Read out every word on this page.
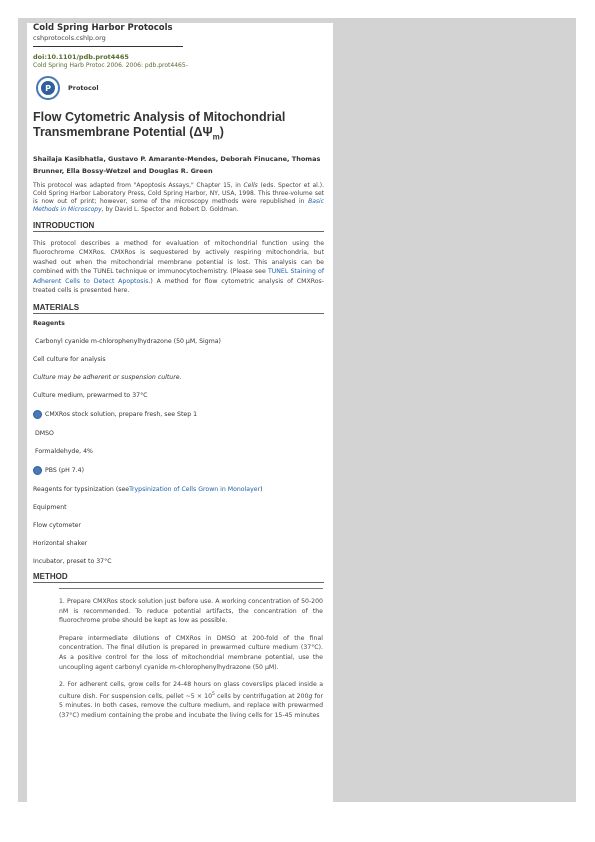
Cold Spring Harbor Protocols
cshprotocols.cshlp.org
doi:10.1101/pdb.prot4465
Cold Spring Harb Protoc 2006. 2006: pdb.prot4465-
P	Protocol
Flow Cytometric Analysis of Mitochondrial Transmembrane Potential $(\Delta\Psi_m)$
Shailaja Kasibhatla, Gustavo P. Amarante-Mendes, Deborah Finucane, Thomas Brunner, Ella Bossy-Wetzel and Douglas R. Green
This protocol was adapted from "Apoptosis Assays," Chapter 15, in Cells (eds. Spector et al.). Cold Spring Harbor Laboratory Press, Cold Spring Harbor, NY, USA, 1998. This three-volume set is now out of print; however, some of the microscopy methods were republished in Basic Methods in Microscopy, by David L. Spector and Robert D. Goldman.
INTRODUCTION
This protocol describes a method for evaluation of mitochondrial function using the fluorochrome CMXRos. CMXRos is sequestered by actively respiring mitochondria, but washed out when the mitochondrial membrane potential is lost. This analysis can be combined with the TUNEL technique or immunocytochemistry. (Please see TUNEL Staining of Adherent Cells to Detect Apoptosis.) A method for flow cytometric analysis of CMXRos-treated cells is presented here.
MATERIALS
Reagents
Carbonyl cyanide m-chlorophenylhydrazone (50 µM, Sigma)
Cell culture for analysis
Culture may be adherent or suspension culture.
Culture medium, prewarmed to 37°C
CMXRos stock solution, prepare fresh, see Step 1
DMSO
Formaldehyde, 4%
PBS (pH 7.4)
Reagents for typsinization (see Trypsinization of Cells Grown in Monolayer )
Equipment
Flow cytometer
Horizontal shaker
Incubator, preset to 37°C
METHOD
1. Prepare CMXRos stock solution just before use. A working concentration of 50-200 nM is recommended. To reduce potential artifacts, the concentration of the fluorochrome probe should be kept as low as possible.
Prepare intermediate dilutions of CMXRos in DMSO at 200-fold of the final concentration. The final dilution is prepared in prewarmed culture medium (37°C). As a positive control for the loss of mitochondrial membrane potential, use the uncoupling agent carbonyl cyanide m-chlorophenylhydrazone (50 µM).
2. For adherent cells, grow cells for 24-48 hours on glass coverslips placed inside a culture dish. For suspension cells, pellet ~5 × $10^5$ cells by centrifugation at 200g for 5 minutes. In both cases, remove the culture medium, and replace with prewarmed (37°C) medium containing the probe and incubate the living cells for 15-45 minutes
